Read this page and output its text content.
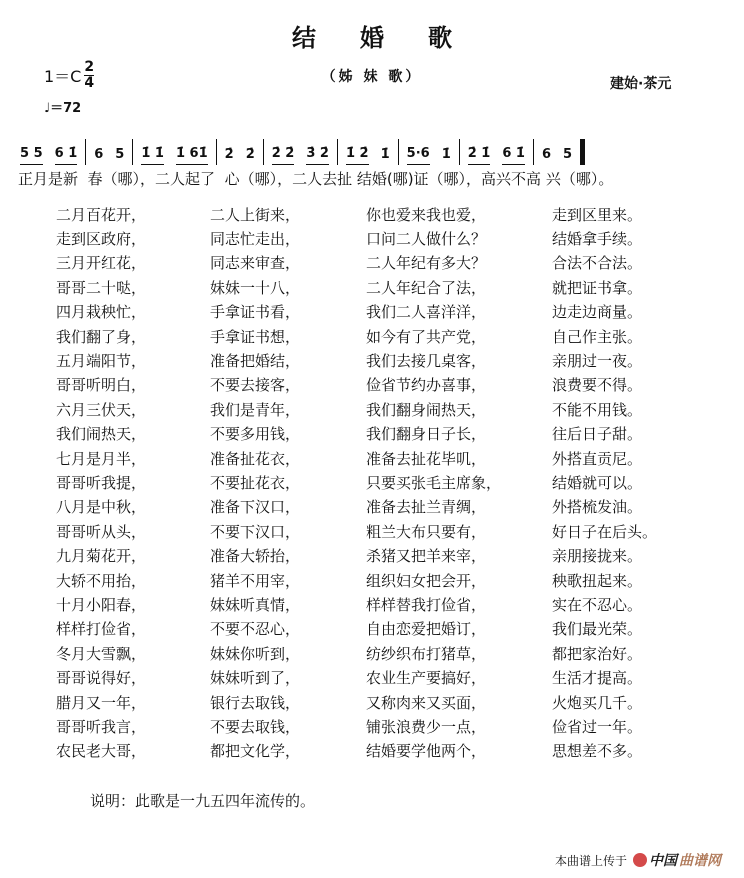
结婚歌
$1=C \frac{2}{4}$	（姊 妹 歌）	建始·茶元
♩＝72
5 5 6 1̇ 6 5 1̇ 1̇ 1̇ 61̇ 2̇ 2̇ 2̇ 2̇ 3̇ 2̇ 1̇ 2̇ 1̇ 5·6 1̇ 2̇ 1̇ 6 1̇ 6 5
正月是新  春（哪），二人起了  心（哪），二人去扯 结婚(哪)证（哪），高兴不高 兴（哪）。
二月百花开，	二人上街来，	你也爱来我也爱，	走到区里来。
走到区政府，	同志忙走出，	口问二人做什么？	结婚拿手续。
三月开红花，	同志来审查，	二人年纪有多大？	合法不合法。
哥哥二十哒，	妹妹一十八，	二人年纪合了法，	就把证书拿。
四月栽秧忙，	手拿证书看，	我们二人喜洋洋，	边走边商量。
我们翻了身，	手拿证书想，	如今有了共产党，	自己作主张。
五月端阳节，	准备把婚结，	我们去接几桌客，	亲朋过一夜。
哥哥听明白，	不要去接客，	俭省节约办喜事，	浪费要不得。
六月三伏天，	我们是青年，	我们翻身闹热天，	不能不用钱。
我们闹热天，	不要多用钱，	我们翻身日子长，	往后日子甜。
七月是月半，	准备扯花衣，	准备去扯花毕叽，	外搭直贡尼。
哥哥听我提，	不要扯花衣，	只要买张毛主席象，	结婚就可以。
八月是中秋，	准备下汉口，	准备去扯兰青绸，	外搭梳发油。
哥哥听从头，	不要下汉口，	粗兰大布只要有，	好日子在后头。
九月菊花开，	准备大轿抬，	杀猪又把羊来宰，	亲朋接拢来。
大轿不用抬，	猪羊不用宰，	组织妇女把会开，	秧歌扭起来。
十月小阳春，	妹妹听真情，	样样替我打俭省，	实在不忍心。
样样打俭省，	不要不忍心，	自由恋爱把婚订，	我们最光荣。
冬月大雪飘，	妹妹你听到，	纺纱织布打猪草，	都把家治好。
哥哥说得好，	妹妹听到了，	农业生产要搞好，	生活才提高。
腊月又一年，	银行去取钱，	又称肉来又买面，	火炮买几千。
哥哥听我言，	不要去取钱，	铺张浪费少一点，	俭省过一年。
农民老大哥，	都把文化学，	结婚要学他两个，	思想差不多。
说明：此歌是一九五四年流传的。
本曲谱上传于 中国 曲谱网
